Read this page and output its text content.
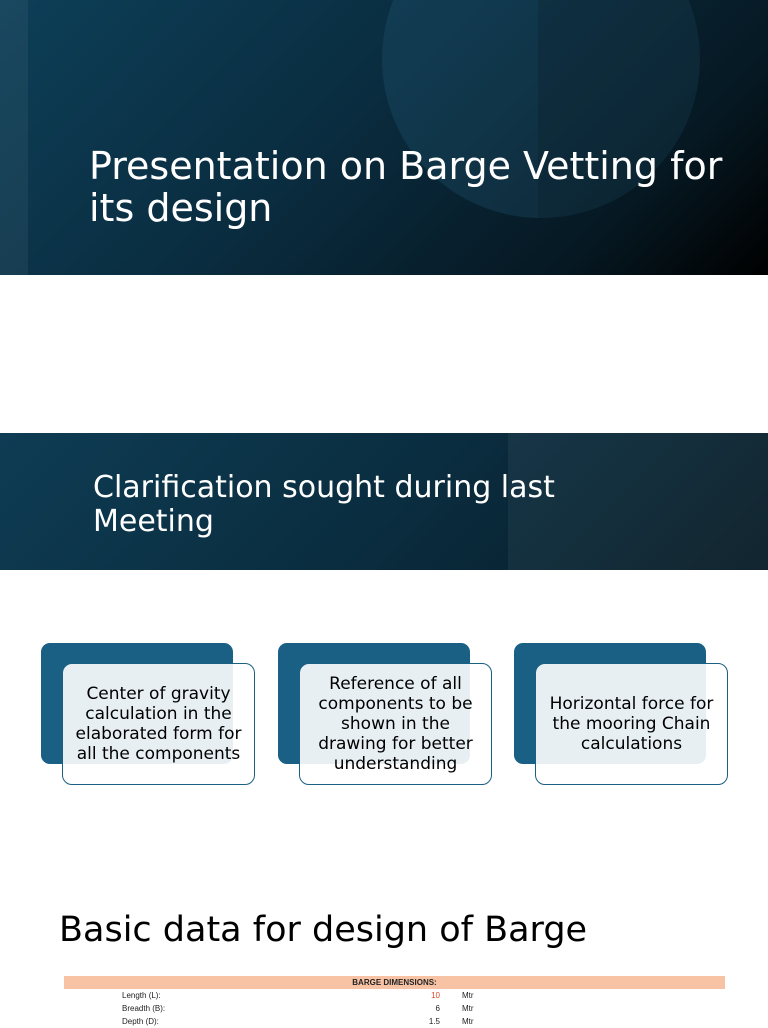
Presentation on Barge Vetting for its design
Clarification sought during last Meeting
Center of gravity calculation in the elaborated form for all the components
Reference of all components to be shown in the drawing for better understanding
Horizontal force for the mooring Chain calculations
Basic data for design of Barge
BARGE DIMENSIONS:
Length (L):	10	Mtr
Breadth (B):	6	Mtr
Depth (D):	1.5	Mtr
